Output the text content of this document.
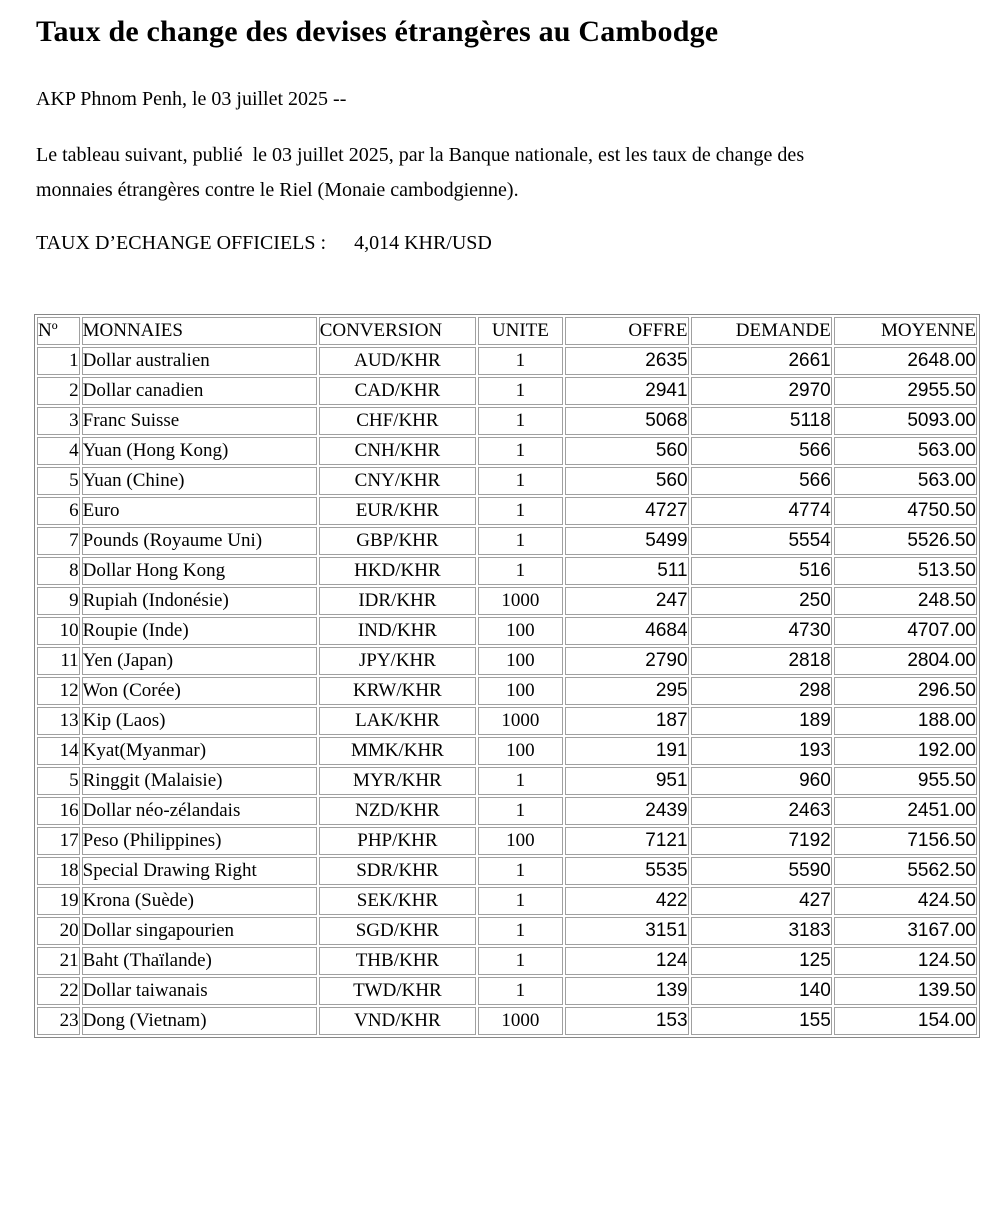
Taux de change des devises étrangères au Cambodge

AKP Phnom Penh, le 03 juillet 2025 --

Le tableau suivant, publié  le 03 juillet 2025, par la Banque nationale, est les taux de change des
monnaies étrangères contre le Riel (Monaie cambodgienne).

TAUX D’ECHANGE OFFICIELS : 4,014 KHR/USD

Nº	MONNAIES	CONVERSION	UNITE	OFFRE	DEMANDE	MOYENNE
1	Dollar australien	AUD/KHR	1	2635	2661	2648.00
2	Dollar canadien	CAD/KHR	1	2941	2970	2955.50
3	Franc Suisse	CHF/KHR	1	5068	5118	5093.00
4	Yuan (Hong Kong)	CNH/KHR	1	560	566	563.00
5	Yuan (Chine)	CNY/KHR	1	560	566	563.00
6	Euro	EUR/KHR	1	4727	4774	4750.50
7	Pounds (Royaume Uni)	GBP/KHR	1	5499	5554	5526.50
8	Dollar Hong Kong	HKD/KHR	1	511	516	513.50
9	Rupiah (Indonésie)	IDR/KHR	1000	247	250	248.50
10	Roupie (Inde)	IND/KHR	100	4684	4730	4707.00
11	Yen (Japan)	JPY/KHR	100	2790	2818	2804.00
12	Won (Corée)	KRW/KHR	100	295	298	296.50
13	Kip (Laos)	LAK/KHR	1000	187	189	188.00
14	Kyat(Myanmar)	MMK/KHR	100	191	193	192.00
5	Ringgit (Malaisie)	MYR/KHR	1	951	960	955.50
16	Dollar néo-zélandais	NZD/KHR	1	2439	2463	2451.00
17	Peso (Philippines)	PHP/KHR	100	7121	7192	7156.50
18	Special Drawing Right	SDR/KHR	1	5535	5590	5562.50
19	Krona (Suède)	SEK/KHR	1	422	427	424.50
20	Dollar singapourien	SGD/KHR	1	3151	3183	3167.00
21	Baht (Thaïlande)	THB/KHR	1	124	125	124.50
22	Dollar taiwanais	TWD/KHR	1	139	140	139.50
23	Dong (Vietnam)	VND/KHR	1000	153	155	154.00
